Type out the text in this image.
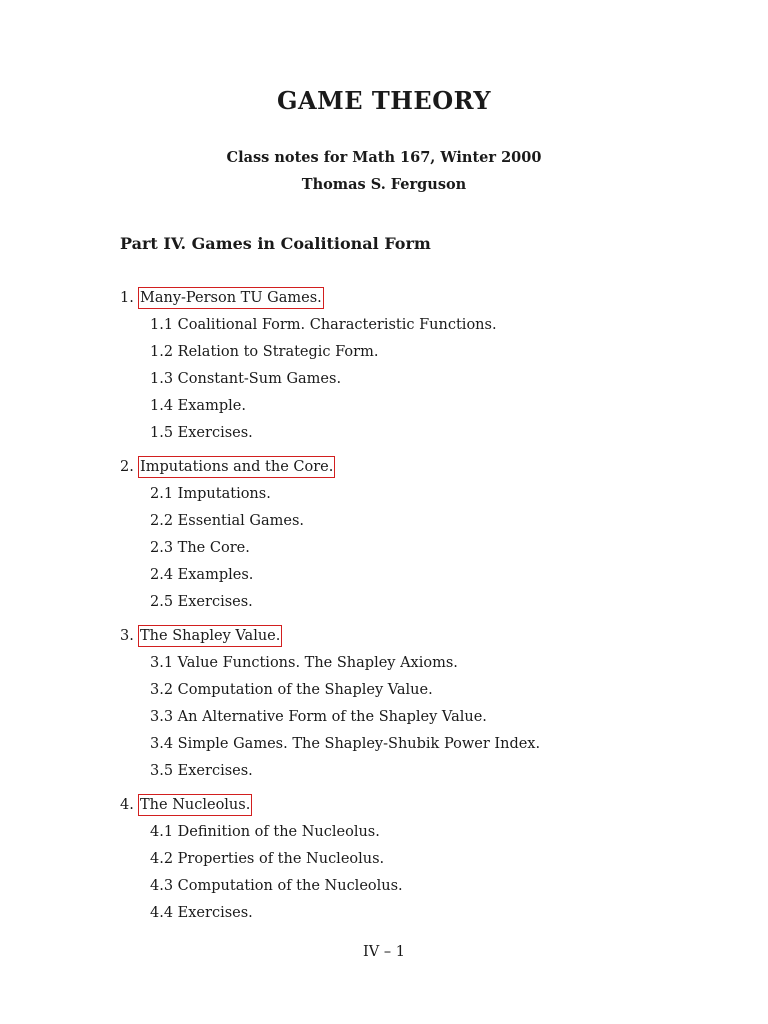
GAME THEORY
Class notes for Math 167, Winter 2000
Thomas S. Ferguson
Part IV. Games in Coalitional Form
1. Many-Person TU Games.
1.1 Coalitional Form. Characteristic Functions.
1.2 Relation to Strategic Form.
1.3 Constant-Sum Games.
1.4 Example.
1.5 Exercises.
2. Imputations and the Core.
2.1 Imputations.
2.2 Essential Games.
2.3 The Core.
2.4 Examples.
2.5 Exercises.
3. The Shapley Value.
3.1 Value Functions. The Shapley Axioms.
3.2 Computation of the Shapley Value.
3.3 An Alternative Form of the Shapley Value.
3.4 Simple Games. The Shapley-Shubik Power Index.
3.5 Exercises.
4. The Nucleolus.
4.1 Definition of the Nucleolus.
4.2 Properties of the Nucleolus.
4.3 Computation of the Nucleolus.
4.4 Exercises.
IV – 1
